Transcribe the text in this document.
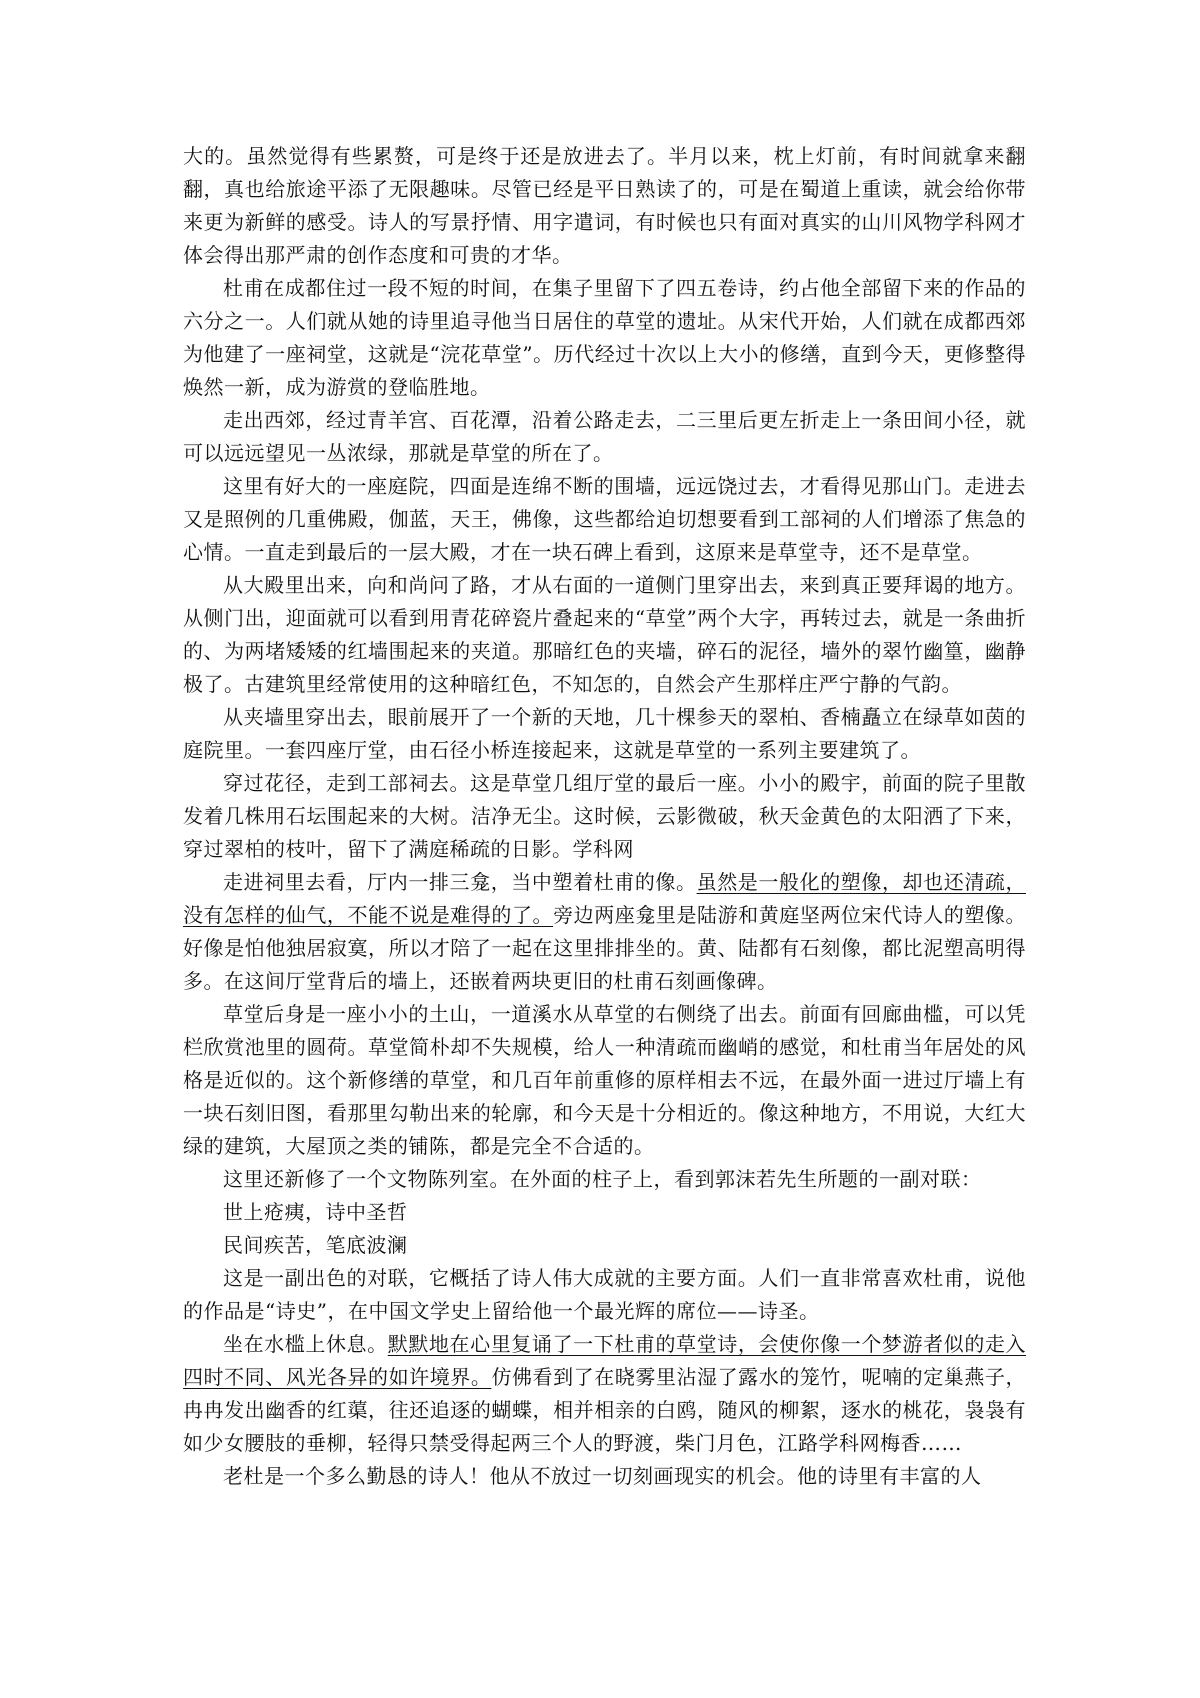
大的。虽然觉得有些累赘，可是终于还是放进去了。半月以来，枕上灯前，有时间就拿来翻翻，真也给旅途平添了无限趣味。尽管已经是平日熟读了的，可是在蜀道上重读，就会给你带来更为新鲜的感受。诗人的写景抒情、用字遣词，有时候也只有面对真实的山川风物学科网才体会得出那严肃的创作态度和可贵的才华。

杜甫在成都住过一段不短的时间，在集子里留下了四五卷诗，约占他全部留下来的作品的六分之一。人们就从她的诗里追寻他当日居住的草堂的遗址。从宋代开始，人们就在成都西郊为他建了一座祠堂，这就是“浣花草堂”。历代经过十次以上大小的修缮，直到今天，更修整得焕然一新，成为游赏的登临胜地。

走出西郊，经过青羊宫、百花潭，沿着公路走去，二三里后更左折走上一条田间小径，就可以远远望见一丛浓绿，那就是草堂的所在了。

这里有好大的一座庭院，四面是连绵不断的围墙，远远饶过去，才看得见那山门。走进去又是照例的几重佛殿，伽蓝，天王，佛像，这些都给迫切想要看到工部祠的人们增添了焦急的心情。一直走到最后的一层大殿，才在一块石碑上看到，这原来是草堂寺，还不是草堂。

从大殿里出来，向和尚问了路，才从右面的一道侧门里穿出去，来到真正要拜谒的地方。从侧门出，迎面就可以看到用青花碎瓷片叠起来的“草堂”两个大字，再转过去，就是一条曲折的、为两堵矮矮的红墙围起来的夹道。那暗红色的夹墙，碎石的泥径，墙外的翠竹幽篁，幽静极了。古建筑里经常使用的这种暗红色，不知怎的，自然会产生那样庄严宁静的气韵。

从夹墙里穿出去，眼前展开了一个新的天地，几十棵参天的翠柏、香楠矗立在绿草如茵的庭院里。一套四座厅堂，由石径小桥连接起来，这就是草堂的一系列主要建筑了。

穿过花径，走到工部祠去。这是草堂几组厅堂的最后一座。小小的殿宇，前面的院子里散发着几株用石坛围起来的大树。洁净无尘。这时候，云影微破，秋天金黄色的太阳洒了下来，穿过翠柏的枝叶，留下了满庭稀疏的日影。学科网

走进祠里去看，厅内一排三龛，当中塑着杜甫的像。虽然是一般化的塑像，却也还清疏，没有怎样的仙气，不能不说是难得的了。旁边两座龛里是陆游和黄庭坚两位宋代诗人的塑像。好像是怕他独居寂寞，所以才陪了一起在这里排排坐的。黄、陆都有石刻像，都比泥塑高明得多。在这间厅堂背后的墙上，还嵌着两块更旧的杜甫石刻画像碑。

草堂后身是一座小小的土山，一道溪水从草堂的右侧绕了出去。前面有回廊曲槛，可以凭栏欣赏池里的圆荷。草堂简朴却不失规模，给人一种清疏而幽峭的感觉，和杜甫当年居处的风格是近似的。这个新修缮的草堂，和几百年前重修的原样相去不远，在最外面一进过厅墙上有一块石刻旧图，看那里勾勒出来的轮廓，和今天是十分相近的。像这种地方，不用说，大红大绿的建筑，大屋顶之类的铺陈，都是完全不合适的。

这里还新修了一个文物陈列室。在外面的柱子上，看到郭沫若先生所题的一副对联：

世上疮痍，诗中圣哲

民间疾苦，笔底波澜

这是一副出色的对联，它概括了诗人伟大成就的主要方面。人们一直非常喜欢杜甫，说他的作品是“诗史”，在中国文学史上留给他一个最光辉的席位——诗圣。

坐在水槛上休息。默默地在心里复诵了一下杜甫的草堂诗，会使你像一个梦游者似的走入四时不同、风光各异的如许境界。仿佛看到了在晓雾里沾湿了露水的笼竹，呢喃的定巢燕子，冉冉发出幽香的红蕖，往还追逐的蝴蝶，相并相亲的白鸥，随风的柳絮，逐水的桃花，袅袅有如少女腰肢的垂柳，轻得只禁受得起两三个人的野渡，柴门月色，江路学科网梅香……

老杜是一个多么勤恳的诗人！他从不放过一切刻画现实的机会。他的诗里有丰富的人
